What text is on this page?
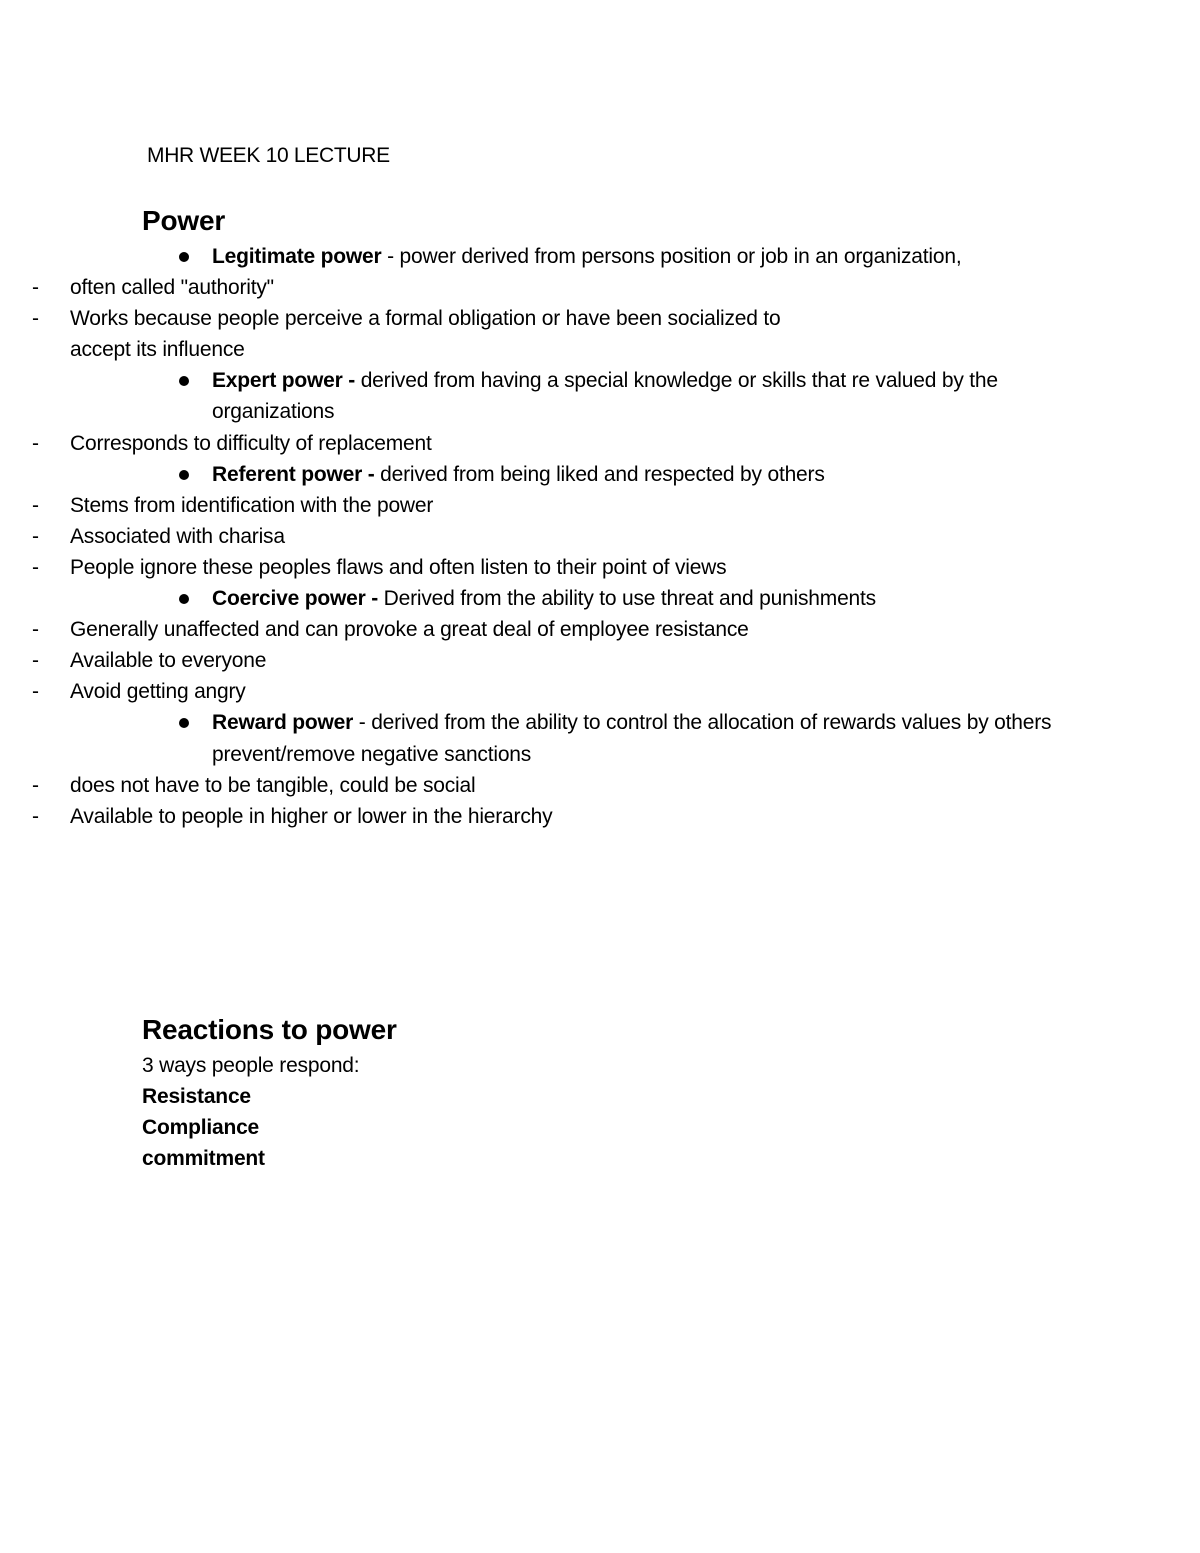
MHR WEEK 10 LECTURE
Power
Legitimate power - power derived from persons position or job in an organization,
- often called "authority"
- Works because people perceive a formal obligation or have been socialized to accept its influence
Expert power - derived from having a special knowledge or skills that re valued by the organizations
- Corresponds to difficulty of replacement
Referent power - derived from being liked and respected by others
- Stems from identification with the power
- Associated with charisa
- People ignore these peoples flaws and often listen to their point of views
Coercive power - Derived from the ability to use threat and punishments
- Generally unaffected and can provoke a great deal of employee resistance
- Available to everyone
- Avoid getting angry
Reward power - derived from the ability to control the allocation of rewards values by others prevent/remove negative sanctions
- does not have to be tangible, could be social
- Available to people in higher or lower in the hierarchy
Reactions to power
3 ways people respond:
Resistance
Compliance
commitment
